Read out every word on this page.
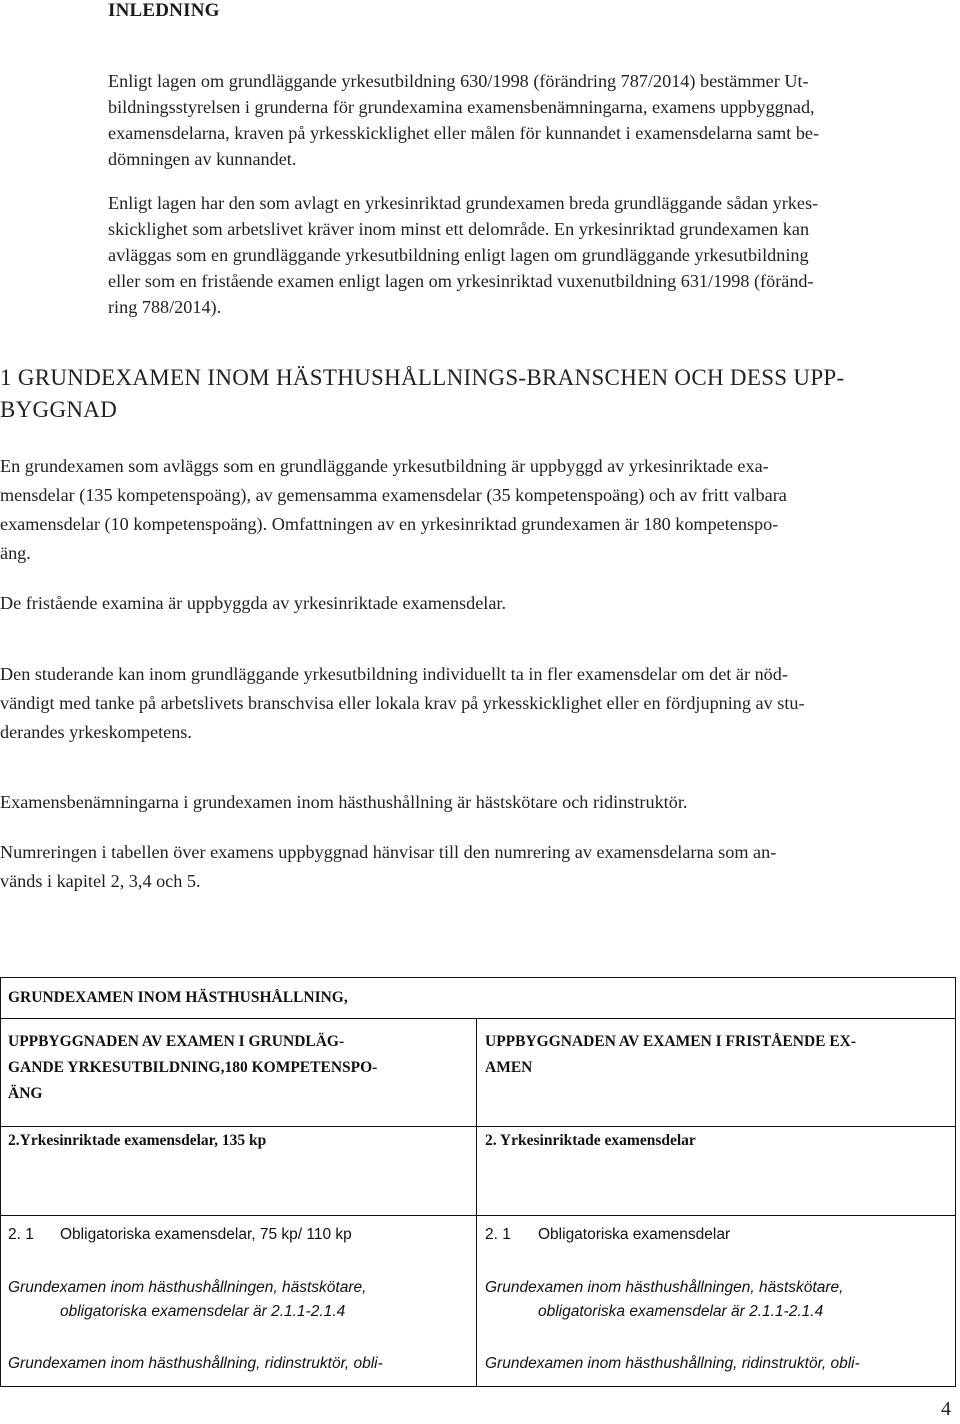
INLEDNING
Enligt lagen om grundläggande yrkesutbildning 630/1998 (förändring 787/2014) bestämmer Ut-
bildningsstyrelsen i grunderna för grundexamina examensbenämningarna, examens uppbyggnad,
examensdelarna, kraven på yrkesskicklighet eller målen för kunnandet i examensdelarna samt be-
dömningen av kunnandet.
Enligt lagen har den som avlagt en yrkesinriktad grundexamen breda grundläggande sådan yrkes-
skicklighet som arbetslivet kräver inom minst ett delområde. En yrkesinriktad grundexamen kan
avläggas som en grundläggande yrkesutbildning enligt lagen om grundläggande yrkesutbildning
eller som en fristående examen enligt lagen om yrkesinriktad vuxenutbildning 631/1998 (föränd-
ring 788/2014).
1 GRUNDEXAMEN INOM HÄSTHUSHÅLLNINGS-BRANSCHEN OCH DESS UPP-
BYGGNAD
En grundexamen som avläggs som en grundläggande yrkesutbildning är uppbyggd av yrkesinriktade exa-
mensdelar (135 kompetenspoäng), av gemensamma examensdelar (35 kompetenspoäng) och av fritt valbara
examensdelar (10 kompetenspoäng). Omfattningen av en yrkesinriktad grundexamen är 180 kompetenspo-
äng.
De fristående examina är uppbyggda av yrkesinriktade examensdelar.
Den studerande kan inom grundläggande yrkesutbildning individuellt ta in fler examensdelar om det är nöd-
vändigt med tanke på arbetslivets branschvisa eller lokala krav på yrkesskicklighet eller en fördjupning av stu-
derandes yrkeskompetens.
Examensbenämningarna i grundexamen inom hästhushållning är hästskötare och ridinstruktör.
Numreringen i tabellen över examens uppbyggnad hänvisar till den numrering av examensdelarna som an-
vänds i kapitel 2, 3,4 och 5.
GRUNDEXAMEN INOM HÄSTHUSHÅLLNING,
UPPBYGGNADEN AV EXAMEN I GRUNDLÄG-
GANDE YRKESUTBILDNING,180 KOMPETENSPO-
ÄNG
UPPBYGGNADEN AV EXAMEN I FRISTÅENDE EX-
AMEN
2.Yrkesinriktade examensdelar, 135 kp	2. Yrkesinriktade examensdelar
2. 1 Obligatoriska examensdelar, 75 kp/ 110 kp
Grundexamen inom hästhushållningen, hästskötare,
obligatoriska examensdelar är 2.1.1-2.1.4
Grundexamen inom hästhushållning, ridinstruktör, obli-
2. 1 Obligatoriska examensdelar
Grundexamen inom hästhushållningen, hästskötare,
obligatoriska examensdelar är 2.1.1-2.1.4
Grundexamen inom hästhushållning, ridinstruktör, obli-
4
